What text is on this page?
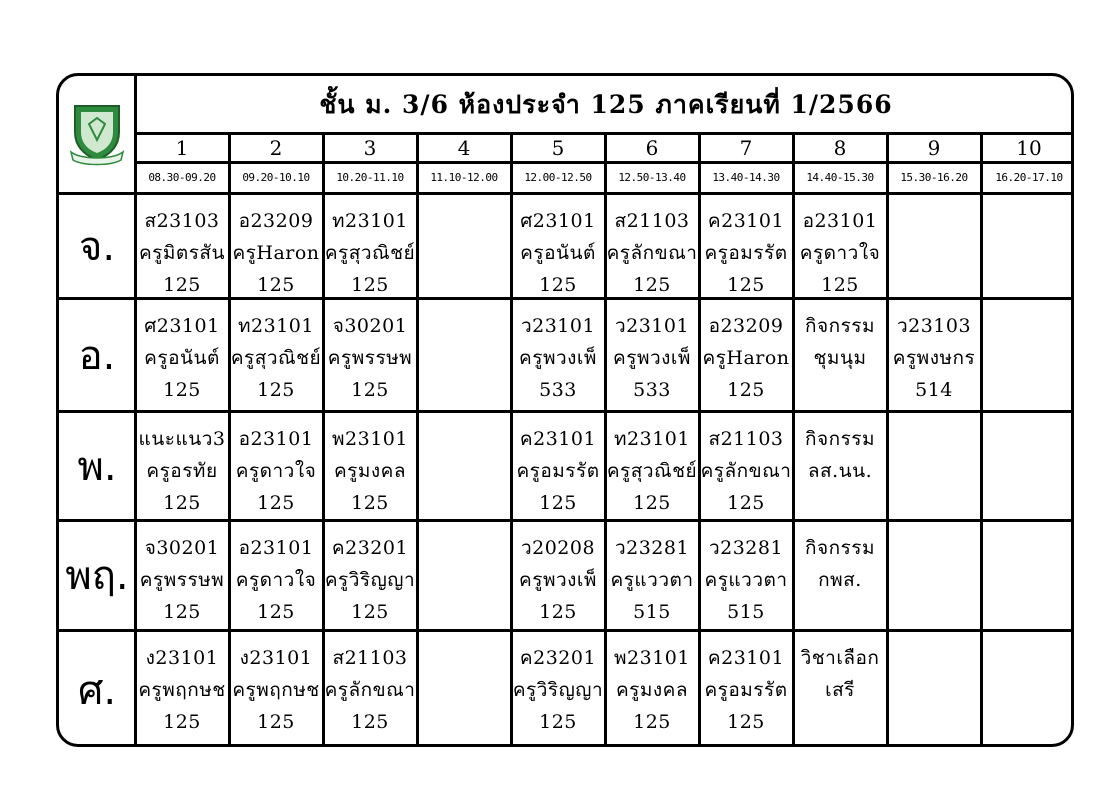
1
08.30-09.20
2
09.20-10.10
3
10.20-11.10
4
11.10-12.00
5
12.00-12.50
6
12.50-13.40
7
13.40-14.30
8
14.40-15.30
9
15.30-16.20
10
16.20-17.10
จ.
ส23103
ครูมิตรสัน
125
อ23209
ครูHaron
125
ท23101
ครูสุวณิชย์
125
ศ23101
ครูอนันต์
125
ส21103
ครูลักขณา
125
ค23101
ครูอมรรัต
125
อ23101
ครูดาวใจ
125
อ.
ศ23101
ครูอนันต์
125
ท23101
ครูสุวณิชย์
125
จ30201
ครูพรรษพ
125
ว23101
ครูพวงเพ็
533
ว23101
ครูพวงเพ็
533
อ23209
ครูHaron
125
กิจกรรม
ชุมนุม
ว23103
ครูพงษกร
514
พ.
แนะแนว3
ครูอรทัย
125
อ23101
ครูดาวใจ
125
พ23101
ครูมงคล
125
ค23101
ครูอมรรัต
125
ท23101
ครูสุวณิชย์
125
ส21103
ครูลักขณา
125
กิจกรรม
ลส.นน.
พฤ.
จ30201
ครูพรรษพ
125
อ23101
ครูดาวใจ
125
ค23201
ครูวิริญญา
125
ว20208
ครูพวงเพ็
125
ว23281
ครูแววตา
515
ว23281
ครูแววตา
515
กิจกรรม
กพส.
ศ.
ง23101
ครูพฤกษช
125
ง23101
ครูพฤกษช
125
ส21103
ครูลักขณา
125
ค23201
ครูวิริญญา
125
พ23101
ครูมงคล
125
ค23101
ครูอมรรัต
125
วิชาเลือก
เสรี
ชั้น ม. 3/6 ห้องประจำ 125 ภาคเรียนที่ 1/2566
